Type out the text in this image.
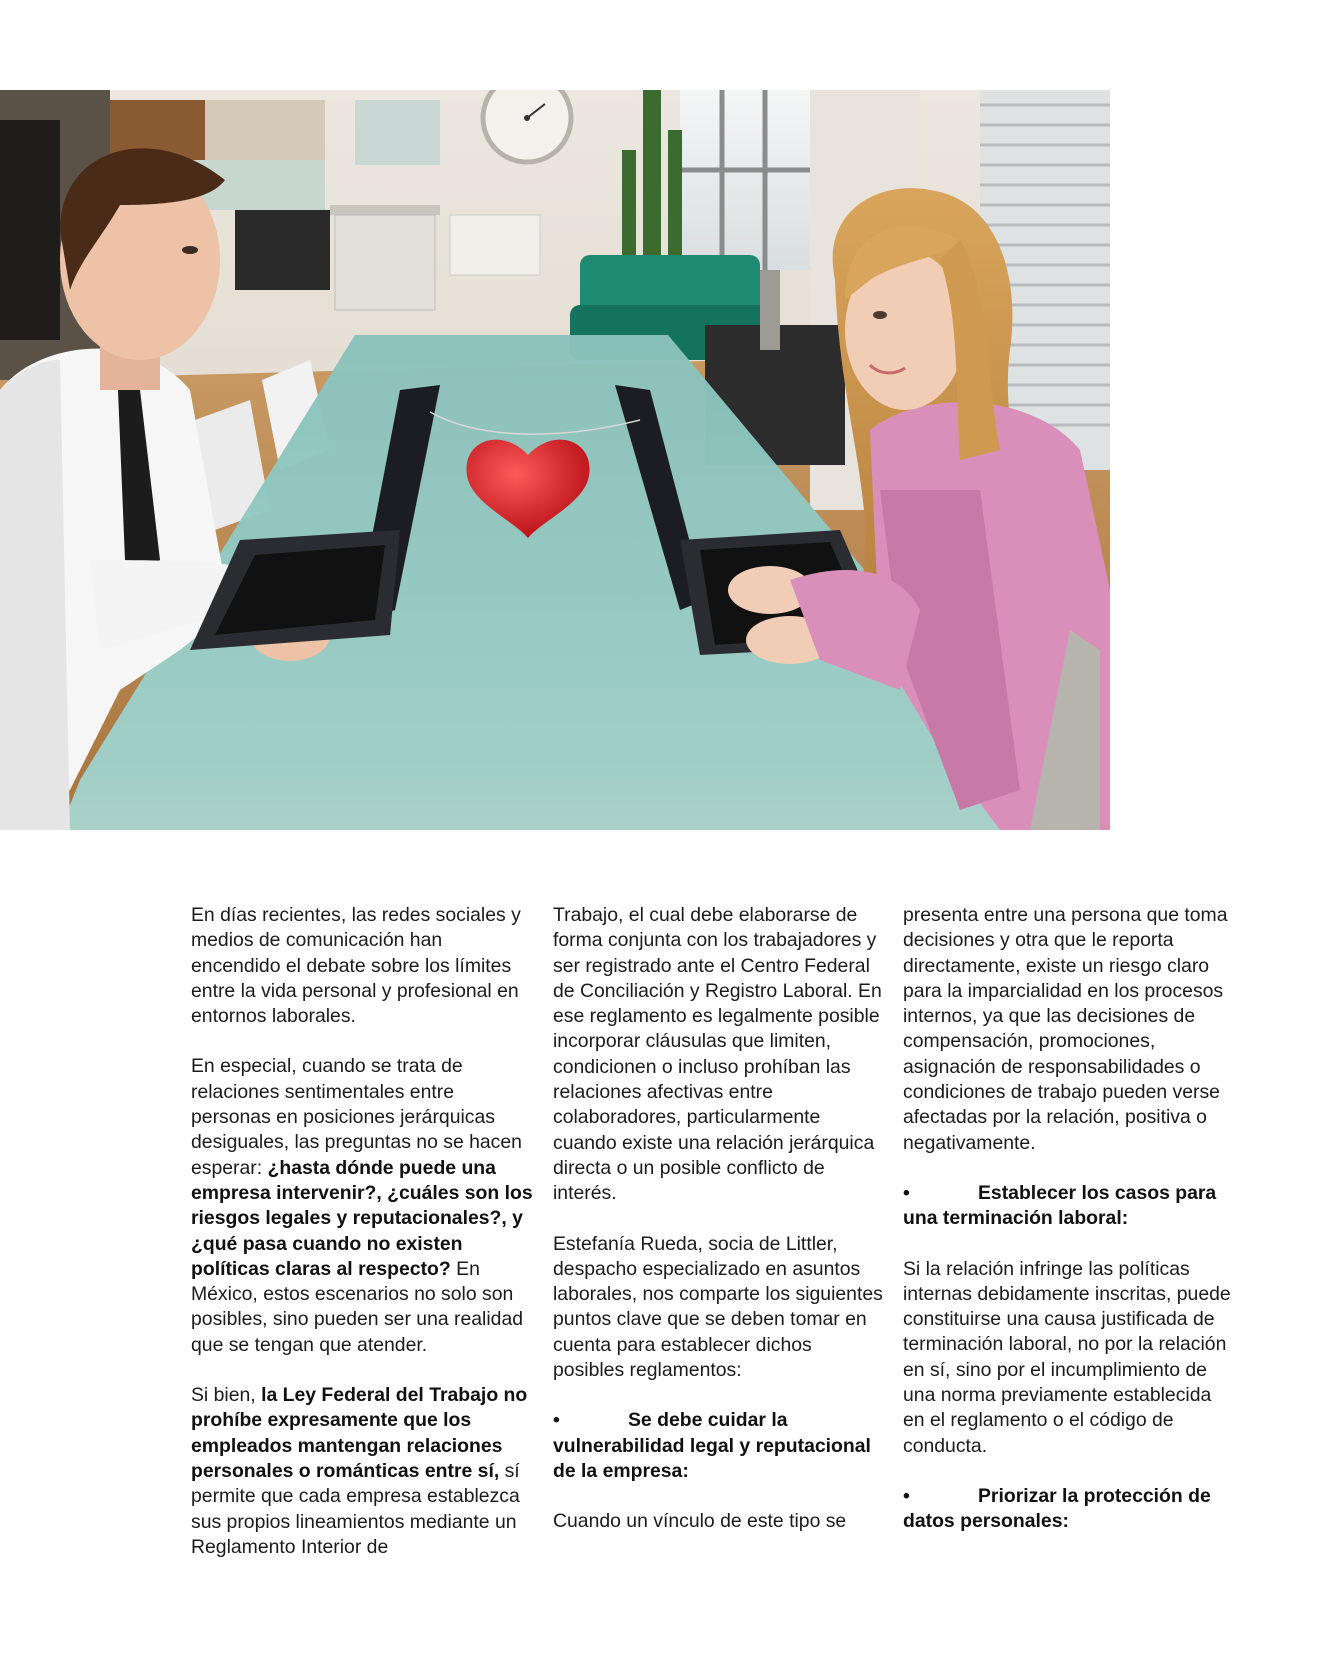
En días recientes, las redes sociales y medios de comunicación han encendido el debate sobre los límites entre la vida personal y profesional en entornos laborales.

En especial, cuando se trata de relaciones sentimentales entre personas en posiciones jerárquicas desiguales, las preguntas no se hacen esperar: ¿hasta dónde puede una empresa intervenir?, ¿cuáles son los riesgos legales y reputacionales?, y ¿qué pasa cuando no existen políticas claras al respecto? En México, estos escenarios no solo son posibles, sino pueden ser una realidad que se tengan que atender.

Si bien, la Ley Federal del Trabajo no prohíbe expresamente que los empleados mantengan relaciones personales o románticas entre sí, sí permite que cada empresa establezca sus propios lineamientos mediante un Reglamento Interior de

Trabajo, el cual debe elaborarse de forma conjunta con los trabajadores y ser registrado ante el Centro Federal de Conciliación y Registro Laboral. En ese reglamento es legalmente posible incorporar cláusulas que limiten, condicionen o incluso prohíban las relaciones afectivas entre colaboradores, particularmente cuando existe una relación jerárquica directa o un posible conflicto de interés.

Estefanía Rueda, socia de Littler, despacho especializado en asuntos laborales, nos comparte los siguientes puntos clave que se deben tomar en cuenta para establecer dichos posibles reglamentos:

•	Se debe cuidar la vulnerabilidad legal y reputacional de la empresa:

Cuando un vínculo de este tipo se

presenta entre una persona que toma decisiones y otra que le reporta directamente, existe un riesgo claro para la imparcialidad en los procesos internos, ya que las decisiones de compensación, promociones, asignación de responsabilidades o condiciones de trabajo pueden verse afectadas por la relación, positiva o negativamente.

•	Establecer los casos para una terminación laboral:

Si la relación infringe las políticas internas debidamente inscritas, puede constituirse una causa justificada de terminación laboral, no por la relación en sí, sino por el incumplimiento de una norma previamente establecida en el reglamento o el código de conducta.

•	Priorizar la protección de datos personales:
